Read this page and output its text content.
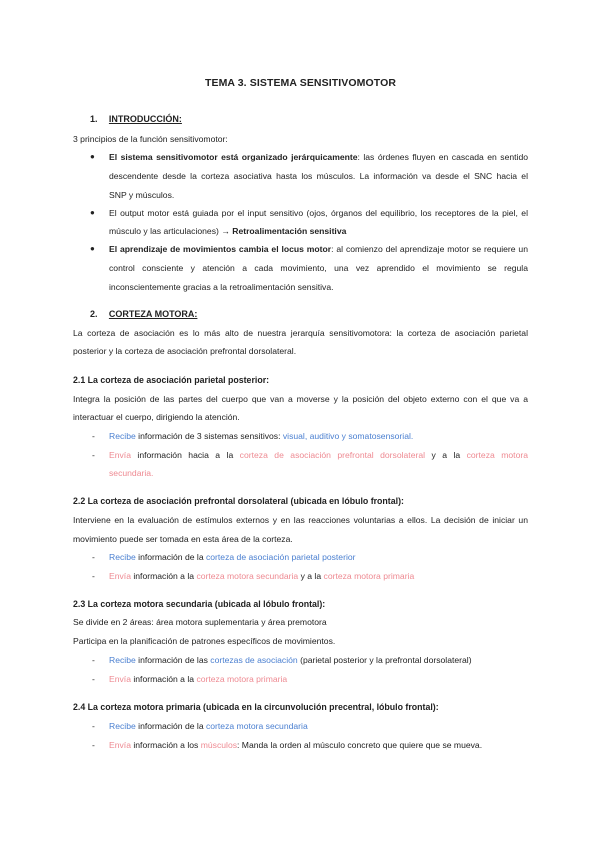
TEMA 3. SISTEMA SENSITIVOMOTOR
1. INTRODUCCIÓN:
3 principios de la función sensitivomotor:
● El sistema sensitivomotor está organizado jerárquicamente: las órdenes fluyen en cascada en sentido
descendente desde la corteza asociativa hasta los músculos. La información va desde el SNC hacia el
SNP y músculos.
● El output motor está guiada por el input sensitivo (ojos, órganos del equilibrio, los receptores de la piel, el
músculo y las articulaciones) → Retroalimentación sensitiva
● El aprendizaje de movimientos cambia el locus motor: al comienzo del aprendizaje motor se requiere un
control consciente y atención a cada movimiento, una vez aprendido el movimiento se regula
inconscientemente gracias a la retroalimentación sensitiva.
2. CORTEZA MOTORA:
La corteza de asociación es lo más alto de nuestra jerarquía sensitivomotora: la corteza de asociación parietal
posterior y la corteza de asociación prefrontal dorsolateral.
2.1 La corteza de asociación parietal posterior:
Integra la posición de las partes del cuerpo que van a moverse y la posición del objeto externo con el que va a
interactuar el cuerpo, dirigiendo la atención.
- Recibe información de 3 sistemas sensitivos: visual, auditivo y somatosensorial.
- Envía información hacia a la corteza de asociación prefrontal dorsolateral y a la corteza motora
secundaria.
2.2 La corteza de asociación prefrontal dorsolateral (ubicada en lóbulo frontal):
Interviene en la evaluación de estímulos externos y en las reacciones voluntarias a ellos. La decisión de iniciar un
movimiento puede ser tomada en esta área de la corteza.
- Recibe información de la corteza de asociación parietal posterior
- Envía información a la corteza motora secundaria y a la corteza motora primaria
2.3 La corteza motora secundaria (ubicada al lóbulo frontal):
Se divide en 2 áreas: área motora suplementaria y área premotora
Participa en la planificación de patrones específicos de movimientos.
- Recibe información de las cortezas de asociación (parietal posterior y la prefrontal dorsolateral)
- Envía información a la corteza motora primaria
2.4 La corteza motora primaria (ubicada en la circunvolución precentral, lóbulo frontal):
- Recibe información de la corteza motora secundaria
- Envía información a los músculos: Manda la orden al músculo concreto que quiere que se mueva.
